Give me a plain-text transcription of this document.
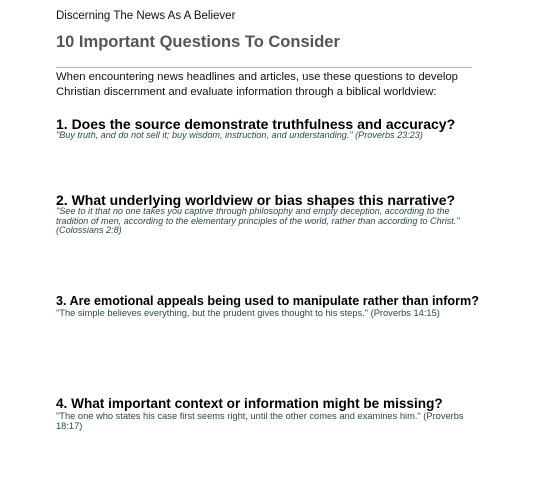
Discerning The News As A Believer
10 Important Questions To Consider

When encountering news headlines and articles, use these questions to develop Christian discernment and evaluate information through a biblical worldview:

1. Does the source demonstrate truthfulness and accuracy?

"Buy truth, and do not sell it; buy wisdom, instruction, and understanding." (Proverbs 23:23)

2. What underlying worldview or bias shapes this narrative?

"See to it that no one takes you captive through philosophy and empty deception, according to the tradition of men, according to the elementary principles of the world, rather than according to Christ." (Colossians 2:8)

3. Are emotional appeals being used to manipulate rather than inform?

"The simple believes everything, but the prudent gives thought to his steps." (Proverbs 14:15)

4. What important context or information might be missing?

"The one who states his case first seems right, until the other comes and examines him." (Proverbs 18:17)
